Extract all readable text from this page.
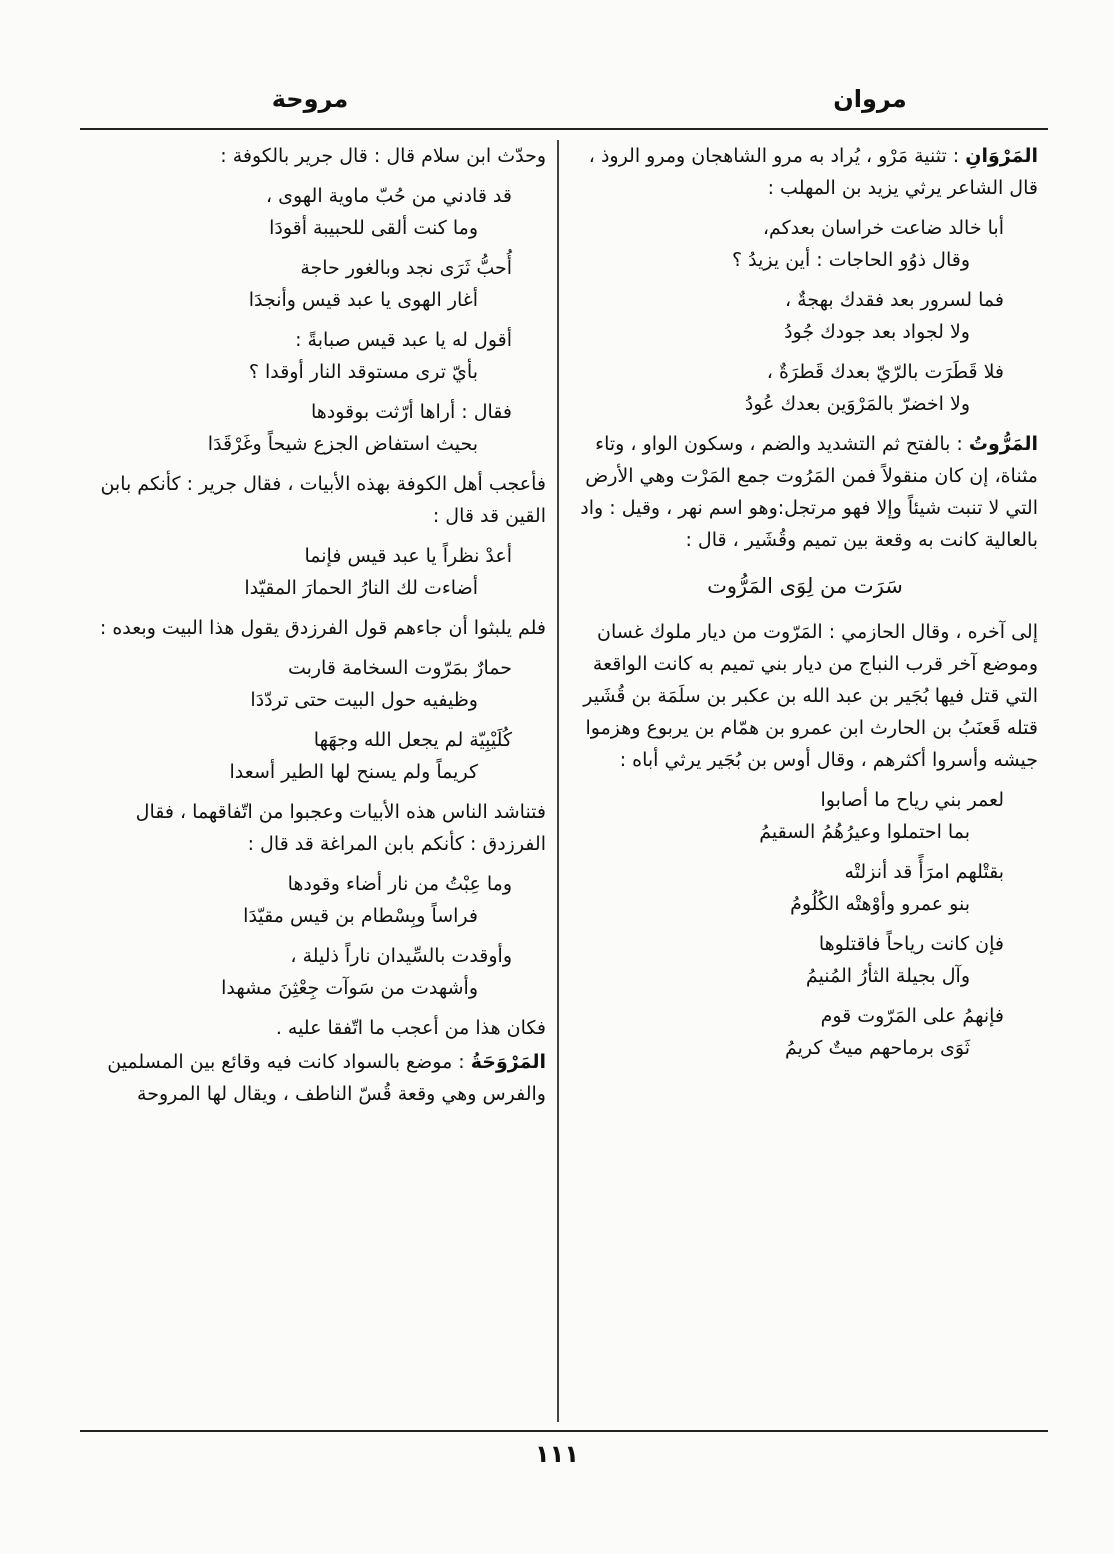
مروان
مروحة

المَرْوَانِ : تثنية مَرْو ، يُراد به مرو الشاهجان ومرو الروذ ، قال الشاعر يرثي يزيد بن المهلب :

أبا خالد ضاعت خراسان بعدكم،
وقال ذوُو الحاجات : أين يزيدُ ؟
فما لسرور بعد فقدك بهجةٌ ،
ولا لجواد بعد جودك جُودُ
فلا قَطَرَت بالرّيّ بعدك قَطرَةٌ ،
ولا اخضرّ بالمَرْوَين بعدك عُودُ

المَرُّوتُ : بالفتح ثم التشديد والضم ، وسكون الواو ، وتاء مثناة، إن كان منقولاً فمن المَرُوت جمع المَرْت وهي الأرض التي لا تنبت شيئاً وإلا فهو مرتجل:وهو اسم نهر ، وقيل : واد بالعالية كانت به وقعة بين تميم وقُشَير ، قال :

سَرَت من لِوَى المَرُّوت

إلى آخره ، وقال الحازمي : المَرّوت من ديار ملوك غسان وموضع آخر قرب النباج من ديار بني تميم به كانت الواقعة التي قتل فيها بُجَير بن عبد الله بن عكبر بن سلَمَة بن قُشَير قتله قَعنَبُ بن الحارث ابن عمرو بن همّام بن يربوع وهزموا جيشه وأسروا أكثرهم ، وقال أوس بن بُجَير يرثي أباه :

لعمر بني رياح ما أصابوا
بما احتملوا وعيرُهُمُ السقيمُ
بقتْلهم امرَأً قد أنزلتْه
بنو عمرو وأوْهتْه الكُلُومُ
فإن كانت رياحاً فاقتلوها
وآل بجيلة الثأرُ المُنيمُ
فإنهمُ على المَرّوت قوم
ثَوَى برماحهم ميتٌ كريمُ

وحدّث ابن سلام قال : قال جرير بالكوفة :

قد قادني من حُبّ ماوية الهوى ،
وما كنت ألقى للحبيبة أقودَا
أُحبُّ ثَرَى نجد وبالغور حاجة
أغار الهوى يا عبد قيس وأنجدَا
أقول له يا عبد قيس صبابةً :
بأيّ ترى مستوقد النار أوقدا ؟
فقال : أراها أرّثت بوقودها
بحيث استفاض الجزع شيحاً وغَرْقَدَا

فأعجب أهل الكوفة بهذه الأبيات ، فقال جرير : كأنكم بابن القين قد قال :

أعدْ نظراً يا عبد قيس فإنما
أضاءت لك النارُ الحمارَ المقيّدا

فلم يلبثوا أن جاءهم قول الفرزدق يقول هذا البيت وبعده :

حمارٌ بمَرّوت السخامة قاربت
وظيفيه حول البيت حتى تردّدَا
كُلَيْبِيّة لم يجعل الله وجهَها
كريماً ولم يسنح لها الطير أسعدا

فتناشد الناس هذه الأبيات وعجبوا من اتّفاقهما ، فقال الفرزدق : كأنكم بابن المراغة قد قال :

وما عِبْتُ من نار أضاء وقودها
فراساً وبِسْطام بن قيس مقيّدَا
وأوقدت بالسِّيدان ناراً ذليلة ،
وأشهدت من سَوآت جِعْثِنَ مشهدا

فكان هذا من أعجب ما اتّفقا عليه .

المَرْوَحَةُ : موضع بالسواد كانت فيه وقائع بين المسلمين والفرس وهي وقعة قُسّ الناطف ، ويقال لها المروحة

١١١
